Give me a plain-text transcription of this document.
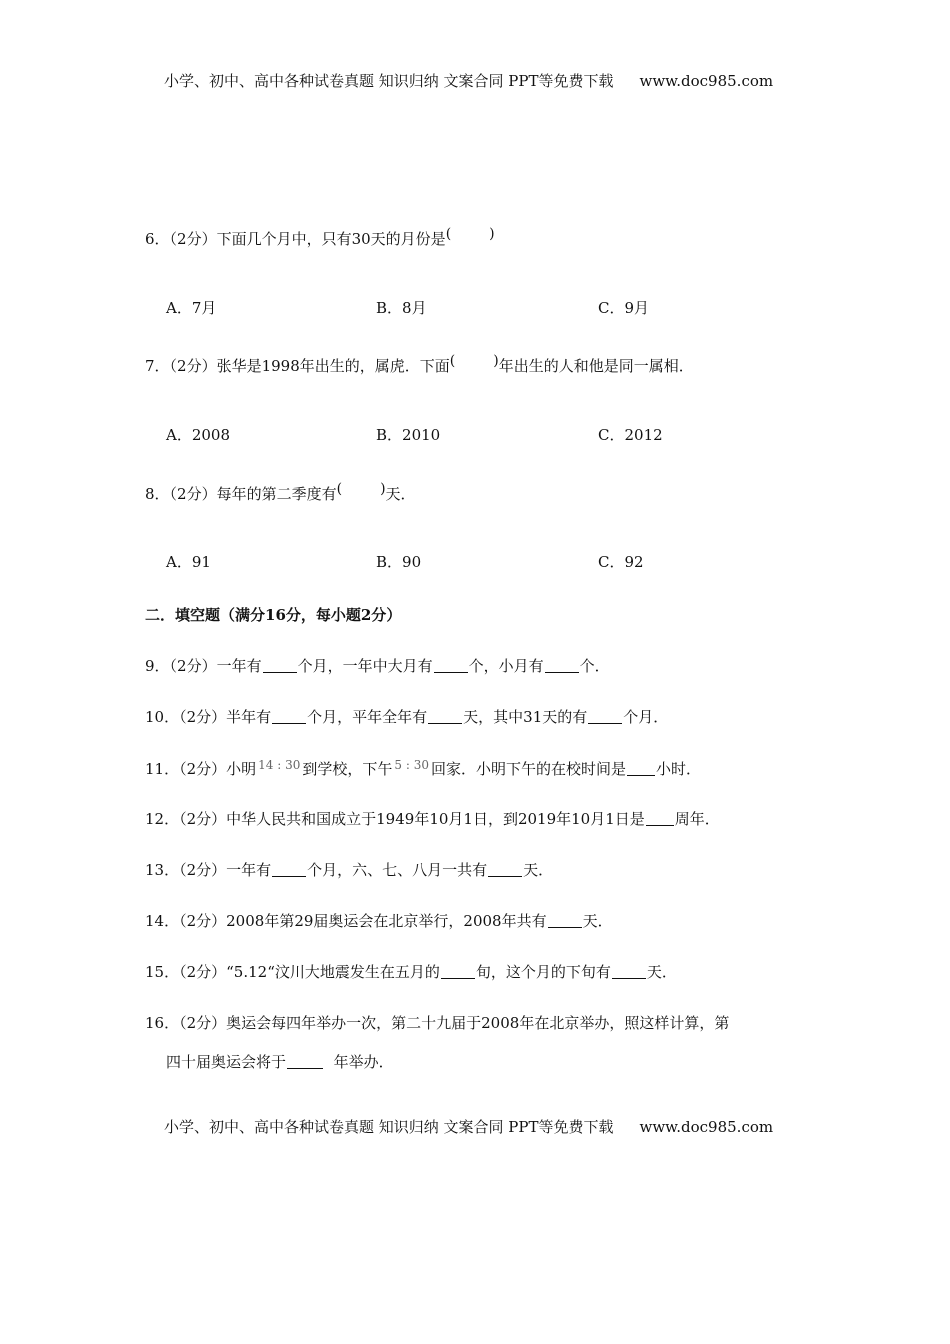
小学、初中、高中各种试卷真题 知识归纳 文案合同 PPT等免费下载 www.doc985.com
6．（2分）下面几个月中，只有30天的月份是(	)
A．7月	B．8月	C．9月
7．（2分）张华是1998年出生的，属虎．下面(	)年出生的人和他是同一属相．
A．2008	B．2010	C．2012
8．（2分）每年的第二季度有(	)天．
A．91	B．90	C．92
二．填空题（满分16分，每小题2分）
9．（2分）一年有 个月，一年中大月有 个，小月有 个．
10．（2分）半年有 个月，平年全年有 天，其中31天的有 个月．
11．（2分）小明 14 : 30 到学校，下午 5 : 30 回家．小明下午的在校时间是 小时．
12．（2分）中华人民共和国成立于1949年10月1日，到2019年10月1日是 周年．
13．（2分）一年有 个月，六、七、八月一共有 天．
14．（2分）2008年第29届奥运会在北京举行，2008年共有 天．
15．（2分）“5.12“汶川大地震发生在五月的 旬，这个月的下旬有 天．
16．（2分）奥运会每四年举办一次，第二十九届于2008年在北京举办，照这样计算，第
四十届奥运会将于	年举办．
小学、初中、高中各种试卷真题 知识归纳 文案合同 PPT等免费下载 www.doc985.com
